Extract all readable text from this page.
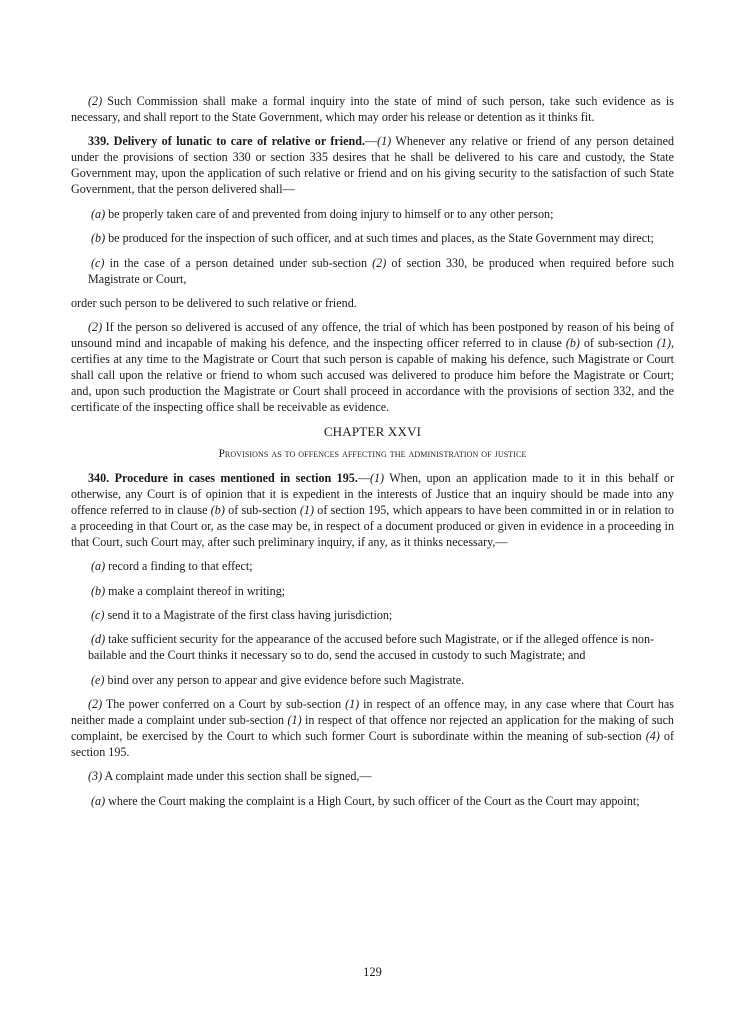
(2) Such Commission shall make a formal inquiry into the state of mind of such person, take such evidence as is necessary, and shall report to the State Government, which may order his release or detention as it thinks fit.

339. Delivery of lunatic to care of relative or friend.—(1) Whenever any relative or friend of any person detained under the provisions of section 330 or section 335 desires that he shall be delivered to his care and custody, the State Government may, upon the application of such relative or friend and on his giving security to the satisfaction of such State Government, that the person delivered shall—

(a) be properly taken care of and prevented from doing injury to himself or to any other person;

(b) be produced for the inspection of such officer, and at such times and places, as the State Government may direct;

(c) in the case of a person detained under sub-section (2) of section 330, be produced when required before such Magistrate or Court,

order such person to be delivered to such relative or friend.

(2) If the person so delivered is accused of any offence, the trial of which has been postponed by reason of his being of unsound mind and incapable of making his defence, and the inspecting officer referred to in clause (b) of sub-section (1), certifies at any time to the Magistrate or Court that such person is capable of making his defence, such Magistrate or Court shall call upon the relative or friend to whom such accused was delivered to produce him before the Magistrate or Court; and, upon such production the Magistrate or Court shall proceed in accordance with the provisions of section 332, and the certificate of the inspecting office shall be receivable as evidence.

CHAPTER XXVI
Provisions as to offences affecting the administration of justice

340. Procedure in cases mentioned in section 195.—(1) When, upon an application made to it in this behalf or otherwise, any Court is of opinion that it is expedient in the interests of Justice that an inquiry should be made into any offence referred to in clause (b) of sub-section (1) of section 195, which appears to have been committed in or in relation to a proceeding in that Court or, as the case may be, in respect of a document produced or given in evidence in a proceeding in that Court, such Court may, after such preliminary inquiry, if any, as it thinks necessary,—

(a) record a finding to that effect;

(b) make a complaint thereof in writing;

(c) send it to a Magistrate of the first class having jurisdiction;

(d) take sufficient security for the appearance of the accused before such Magistrate, or if the alleged offence is non-bailable and the Court thinks it necessary so to do, send the accused in custody to such Magistrate; and

(e) bind over any person to appear and give evidence before such Magistrate.

(2) The power conferred on a Court by sub-section (1) in respect of an offence may, in any case where that Court has neither made a complaint under sub-section (1) in respect of that offence nor rejected an application for the making of such complaint, be exercised by the Court to which such former Court is subordinate within the meaning of sub-section (4) of section 195.

(3) A complaint made under this section shall be signed,—

(a) where the Court making the complaint is a High Court, by such officer of the Court as the Court may appoint;

129
